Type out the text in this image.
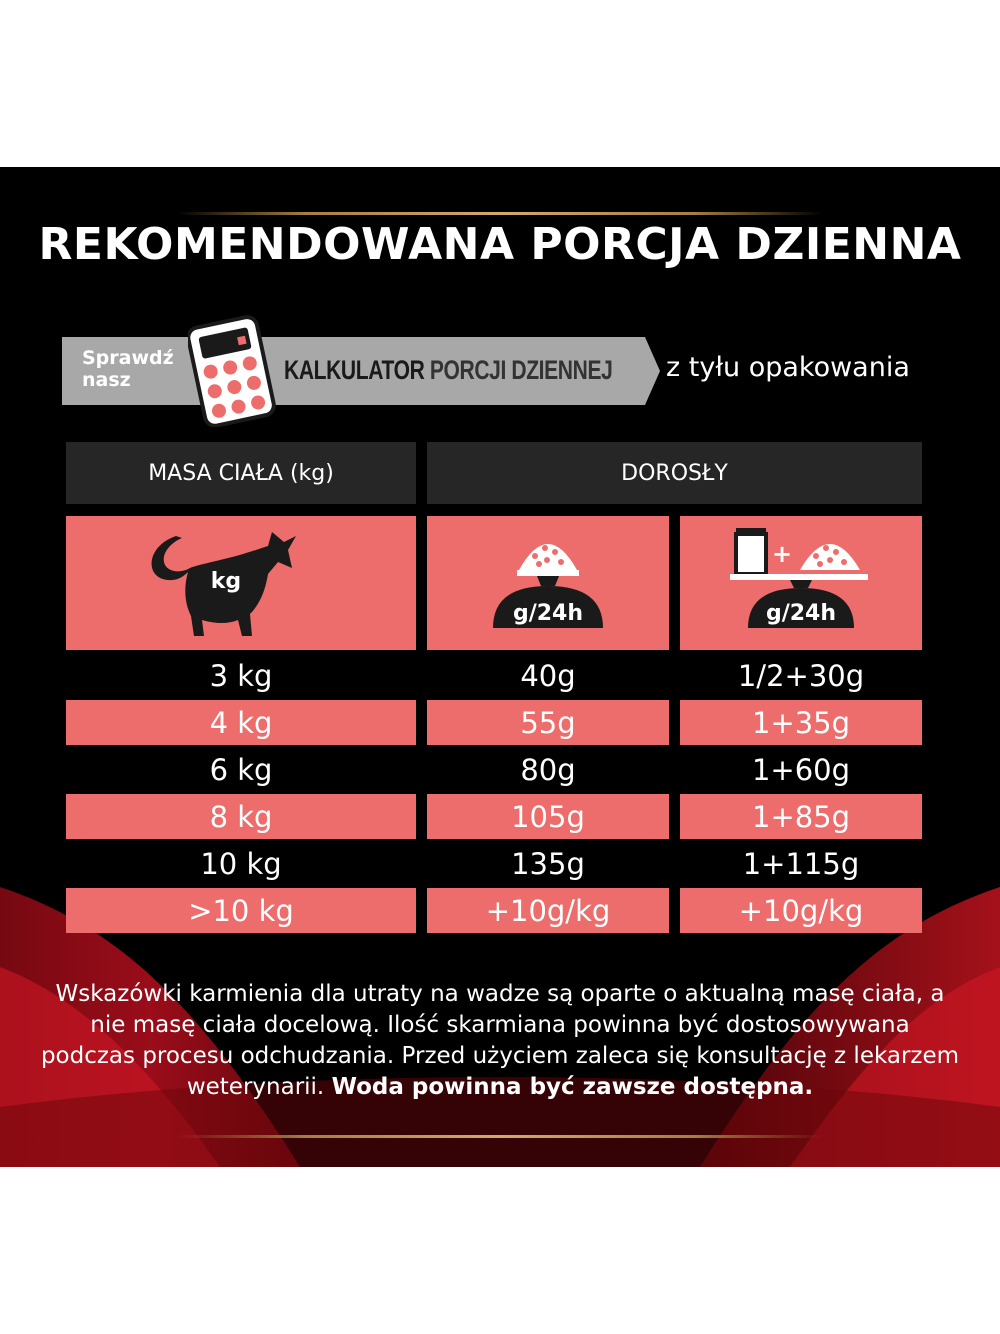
REKOMENDOWANA PORCJA DZIENNA
Sprawdź
nasz	KALKULATOR PORCJI DZIENNEJ z tyłu opakowania
MASA CIAŁA (kg)	DOROSŁY
kg
g/24h
+
g/24h
3 kg	40g	1/2+30g
4 kg	55g	1+35g
6 kg	80g	1+60g
8 kg	105g	1+85g
10 kg	135g	1+115g
>10 kg	+10g/kg	+10g/kg
Wskazówki karmienia dla utraty na wadze są oparte o aktualną masę ciała, a nie masę ciała docelową. Ilość skarmiana powinna być dostosowywana podczas procesu odchudzania. Przed użyciem zaleca się konsultację z lekarzem weterynarii. Woda powinna być zawsze dostępna.
